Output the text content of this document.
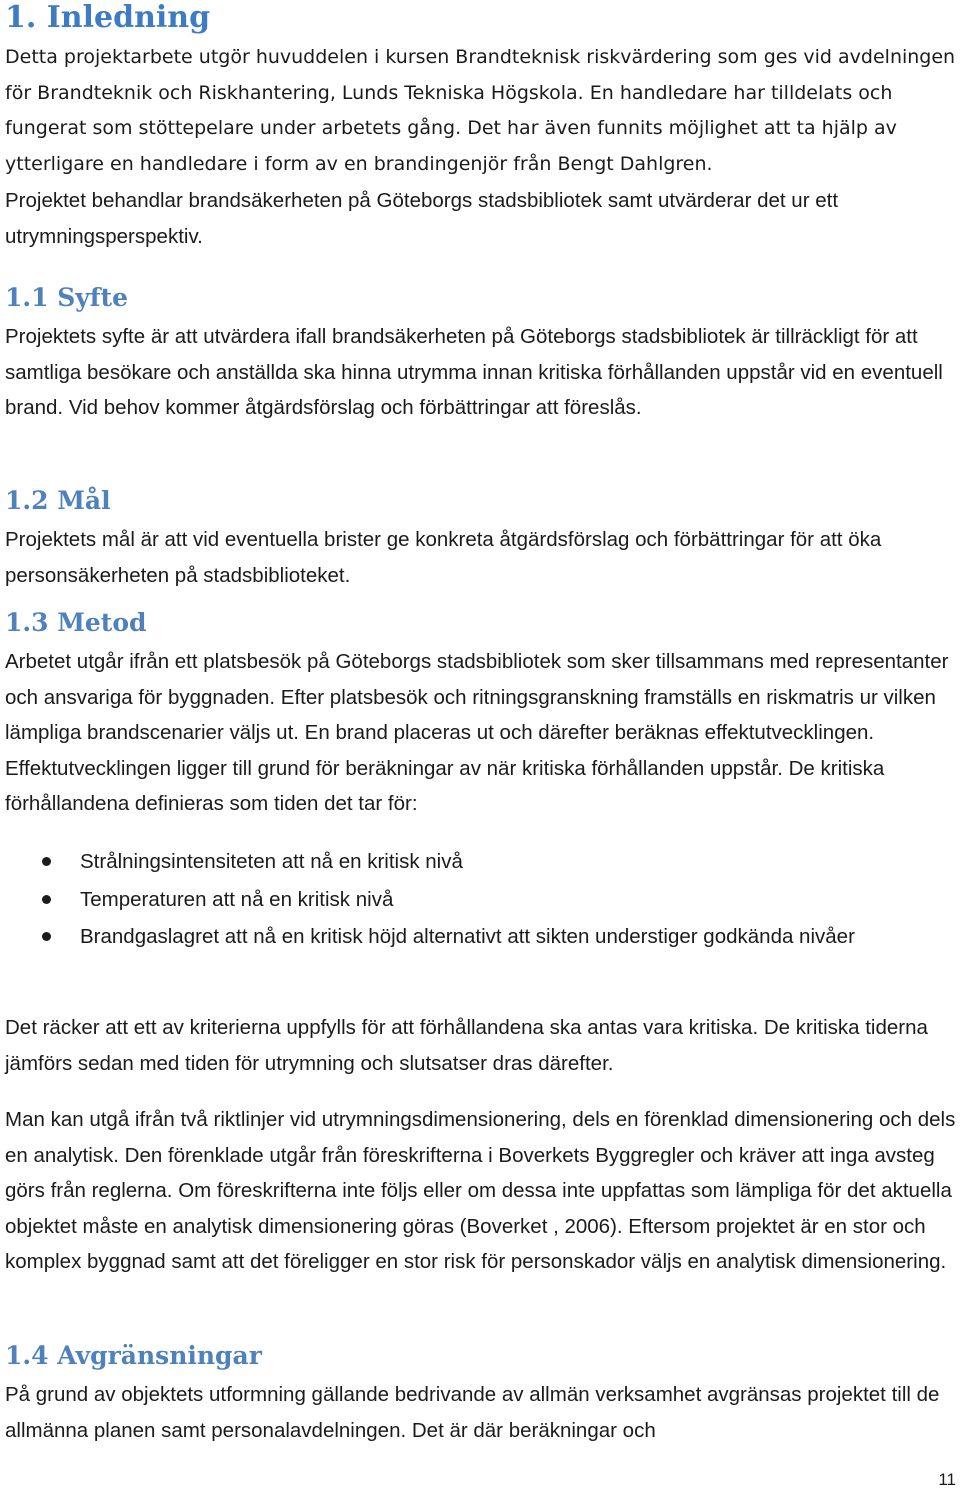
1. Inledning

Detta projektarbete utgör huvuddelen i kursen Brandteknisk riskvärdering som ges vid avdelningen för Brandteknik och Riskhantering, Lunds Tekniska Högskola. En handledare har tilldelats och fungerat som stöttepelare under arbetets gång. Det har även funnits möjlighet att ta hjälp av ytterligare en handledare i form av en brandingenjör från Bengt Dahlgren.

Projektet behandlar brandsäkerheten på Göteborgs stadsbibliotek samt utvärderar det ur ett utrymningsperspektiv.

1.1 Syfte

Projektets syfte är att utvärdera ifall brandsäkerheten på Göteborgs stadsbibliotek är tillräckligt för att samtliga besökare och anställda ska hinna utrymma innan kritiska förhållanden uppstår vid en eventuell brand. Vid behov kommer åtgärdsförslag och förbättringar att föreslås.

1.2 Mål

Projektets mål är att vid eventuella brister ge konkreta åtgärdsförslag och förbättringar för att öka personsäkerheten på stadsbiblioteket.

1.3 Metod

Arbetet utgår ifrån ett platsbesök på Göteborgs stadsbibliotek som sker tillsammans med representanter och ansvariga för byggnaden. Efter platsbesök och ritningsgranskning framställs en riskmatris ur vilken lämpliga brandscenarier väljs ut. En brand placeras ut och därefter beräknas effektutvecklingen. Effektutvecklingen ligger till grund för beräkningar av när kritiska förhållanden uppstår. De kritiska förhållandena definieras som tiden det tar för:

Strålningsintensiteten att nå en kritisk nivå
Temperaturen att nå en kritisk nivå
Brandgaslagret att nå en kritisk höjd alternativt att sikten understiger godkända nivåer

Det räcker att ett av kriterierna uppfylls för att förhållandena ska antas vara kritiska. De kritiska tiderna jämförs sedan med tiden för utrymning och slutsatser dras därefter.

Man kan utgå ifrån två riktlinjer vid utrymningsdimensionering, dels en förenklad dimensionering och dels en analytisk. Den förenklade utgår från föreskrifterna i Boverkets Byggregler och kräver att inga avsteg görs från reglerna. Om föreskrifterna inte följs eller om dessa inte uppfattas som lämpliga för det aktuella objektet måste en analytisk dimensionering göras (Boverket , 2006). Eftersom projektet är en stor och komplex byggnad samt att det föreligger en stor risk för personskador väljs en analytisk dimensionering.

1.4 Avgränsningar

På grund av objektets utformning gällande bedrivande av allmän verksamhet avgränsas projektet till de allmänna planen samt personalavdelningen. Det är där beräkningar och

11
